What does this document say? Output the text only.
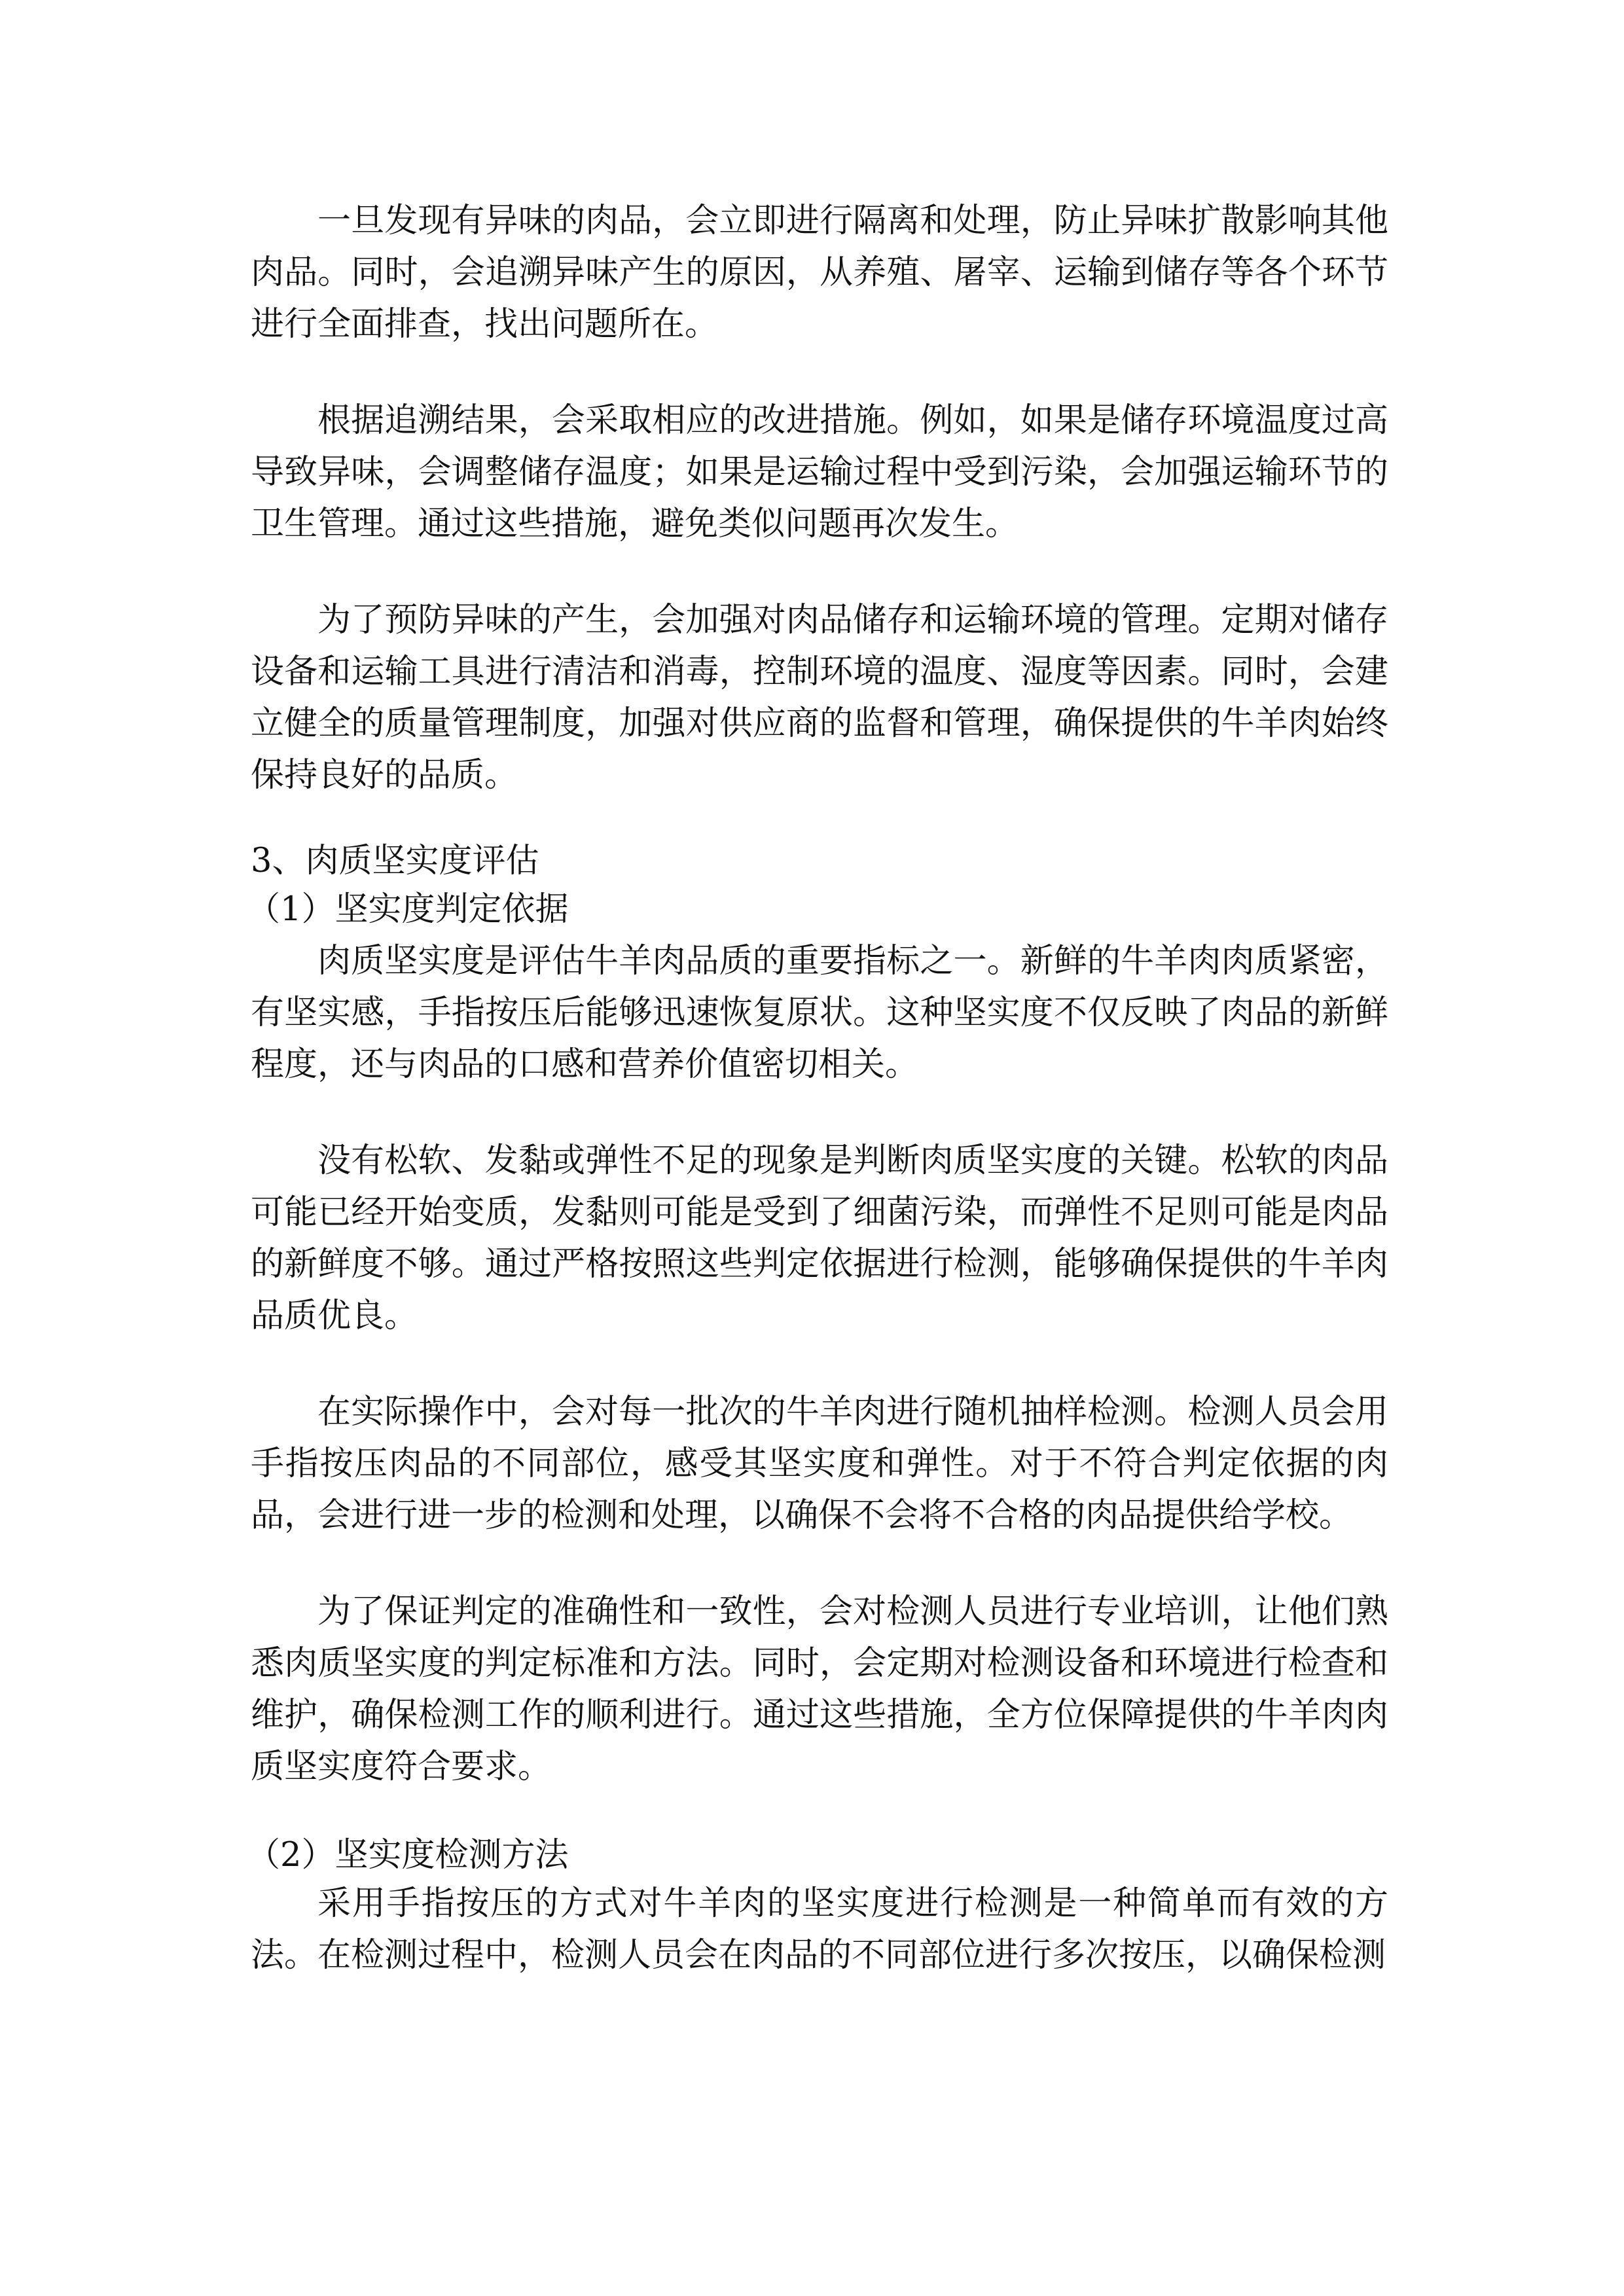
一旦发现有异味的肉品，会立即进行隔离和处理，防止异味扩散影响其他
肉品。同时，会追溯异味产生的原因，从养殖、屠宰、运输到储存等各个环节
进行全面排查，找出问题所在。
根据追溯结果，会采取相应的改进措施。例如，如果是储存环境温度过高
导致异味，会调整储存温度；如果是运输过程中受到污染，会加强运输环节的
卫生管理。通过这些措施，避免类似问题再次发生。
为了预防异味的产生，会加强对肉品储存和运输环境的管理。定期对储存
设备和运输工具进行清洁和消毒，控制环境的温度、湿度等因素。同时，会建
立健全的质量管理制度，加强对供应商的监督和管理，确保提供的牛羊肉始终
保持良好的品质。
3、肉质坚实度评估
（1）坚实度判定依据
肉质坚实度是评估牛羊肉品质的重要指标之一。新鲜的牛羊肉肉质紧密，
有坚实感，手指按压后能够迅速恢复原状。这种坚实度不仅反映了肉品的新鲜
程度，还与肉品的口感和营养价值密切相关。
没有松软、发黏或弹性不足的现象是判断肉质坚实度的关键。松软的肉品
可能已经开始变质，发黏则可能是受到了细菌污染，而弹性不足则可能是肉品
的新鲜度不够。通过严格按照这些判定依据进行检测，能够确保提供的牛羊肉
品质优良。
在实际操作中，会对每一批次的牛羊肉进行随机抽样检测。检测人员会用
手指按压肉品的不同部位，感受其坚实度和弹性。对于不符合判定依据的肉
品，会进行进一步的检测和处理，以确保不会将不合格的肉品提供给学校。
为了保证判定的准确性和一致性，会对检测人员进行专业培训，让他们熟
悉肉质坚实度的判定标准和方法。同时，会定期对检测设备和环境进行检查和
维护，确保检测工作的顺利进行。通过这些措施，全方位保障提供的牛羊肉肉
质坚实度符合要求。
（2）坚实度检测方法
采用手指按压的方式对牛羊肉的坚实度进行检测是一种简单而有效的方
法。在检测过程中，检测人员会在肉品的不同部位进行多次按压，以确保检测
